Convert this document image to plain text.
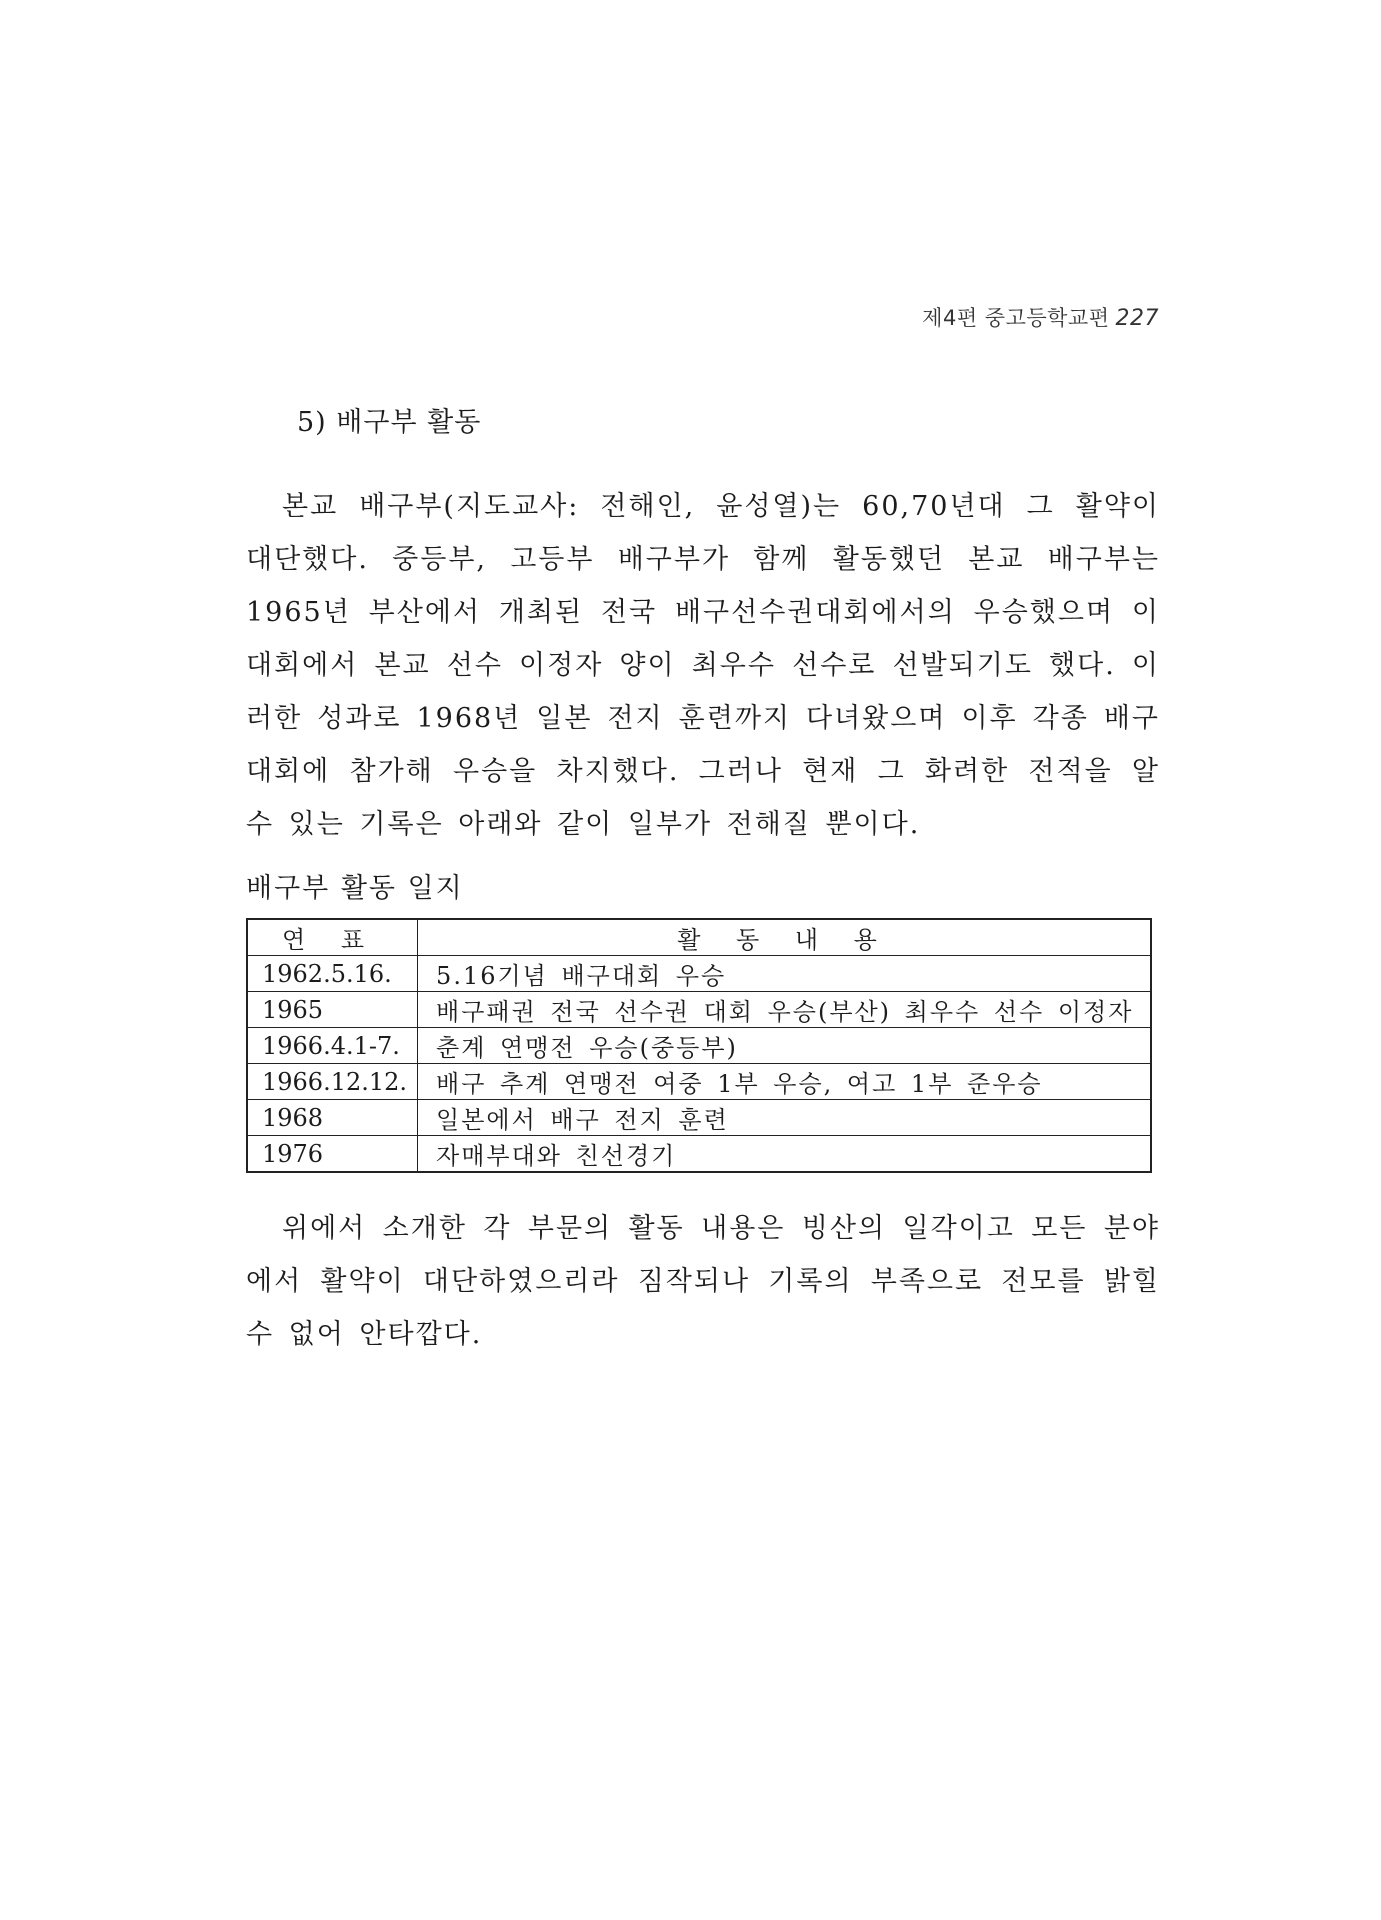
제4편 중고등학교편 227
5) 배구부 활동

본교 배구부(지도교사: 전해인, 윤성열)는 60,70년대 그 활약이 대단했다. 중등부, 고등부 배구부가 함께 활동했던 본교 배구부는 1965년 부산에서 개최된 전국 배구선수권대회에서의 우승했으며 이 대회에서 본교 선수 이정자 양이 최우수 선수로 선발되기도 했다. 이러한 성과로 1968년 일본 전지 훈련까지 다녀왔으며 이후 각종 배구대회에 참가해 우승을 차지했다. 그러나 현재 그 화려한 전적을 알 수 있는 기록은 아래와 같이 일부가 전해질 뿐이다.

배구부 활동 일지
연 표	활 동 내 용
1962.5.16.	5.16기념 배구대회 우승
1965	배구패권 전국 선수권 대회 우승(부산) 최우수 선수 이정자
1966.4.1-7.	춘계 연맹전 우승(중등부)
1966.12.12.	배구 추계 연맹전 여중 1부 우승, 여고 1부 준우승
1968	일본에서 배구 전지 훈련
1976	자매부대와 친선경기

위에서 소개한 각 부문의 활동 내용은 빙산의 일각이고 모든 분야에서 활약이 대단하였으리라 짐작되나 기록의 부족으로 전모를 밝힐 수 없어 안타깝다.
